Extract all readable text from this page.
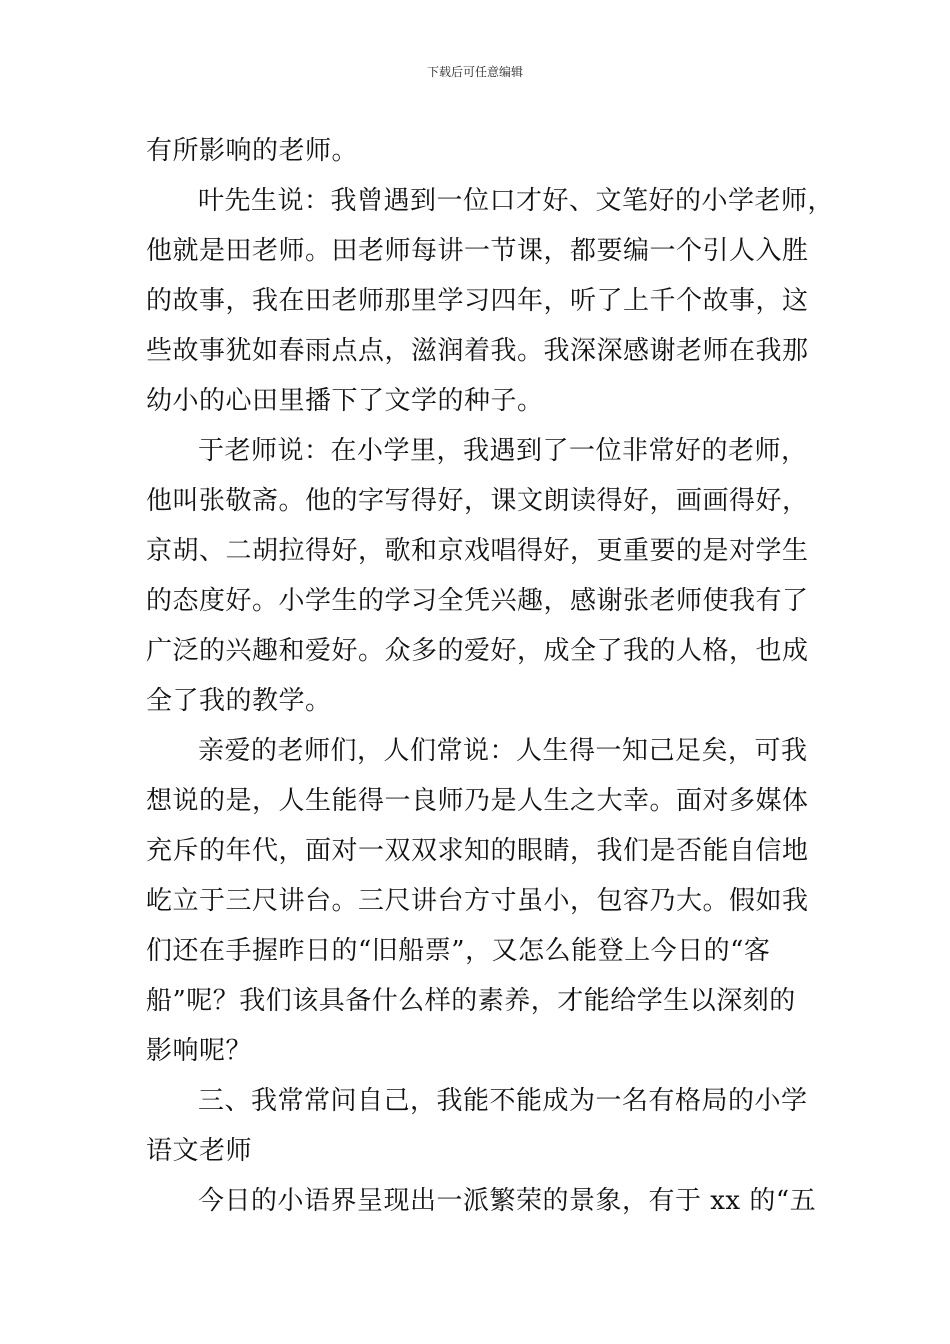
下载后可任意编辑
有所影响的老师。
叶先生说：我曾遇到一位口才好、文笔好的小学老师，
他就是田老师。田老师每讲一节课，都要编一个引人入胜
的故事，我在田老师那里学习四年，听了上千个故事，这
些故事犹如春雨点点，滋润着我。我深深感谢老师在我那
幼小的心田里播下了文学的种子。
于老师说：在小学里，我遇到了一位非常好的老师，
他叫张敬斋。他的字写得好，课文朗读得好，画画得好，
京胡、二胡拉得好，歌和京戏唱得好，更重要的是对学生
的态度好。小学生的学习全凭兴趣，感谢张老师使我有了
广泛的兴趣和爱好。众多的爱好，成全了我的人格，也成
全了我的教学。
亲爱的老师们，人们常说：人生得一知己足矣，可我
想说的是，人生能得一良师乃是人生之大幸。面对多媒体
充斥的年代，面对一双双求知的眼睛，我们是否能自信地
屹立于三尺讲台。三尺讲台方寸虽小，包容乃大。假如我
们还在手握昨日的“旧船票”，又怎么能登上今日的“客
船”呢？我们该具备什么样的素养，才能给学生以深刻的
影响呢？
三、我常常问自己，我能不能成为一名有格局的小学
语文老师
今日的小语界呈现出一派繁荣的景象，有于 xx 的“五
